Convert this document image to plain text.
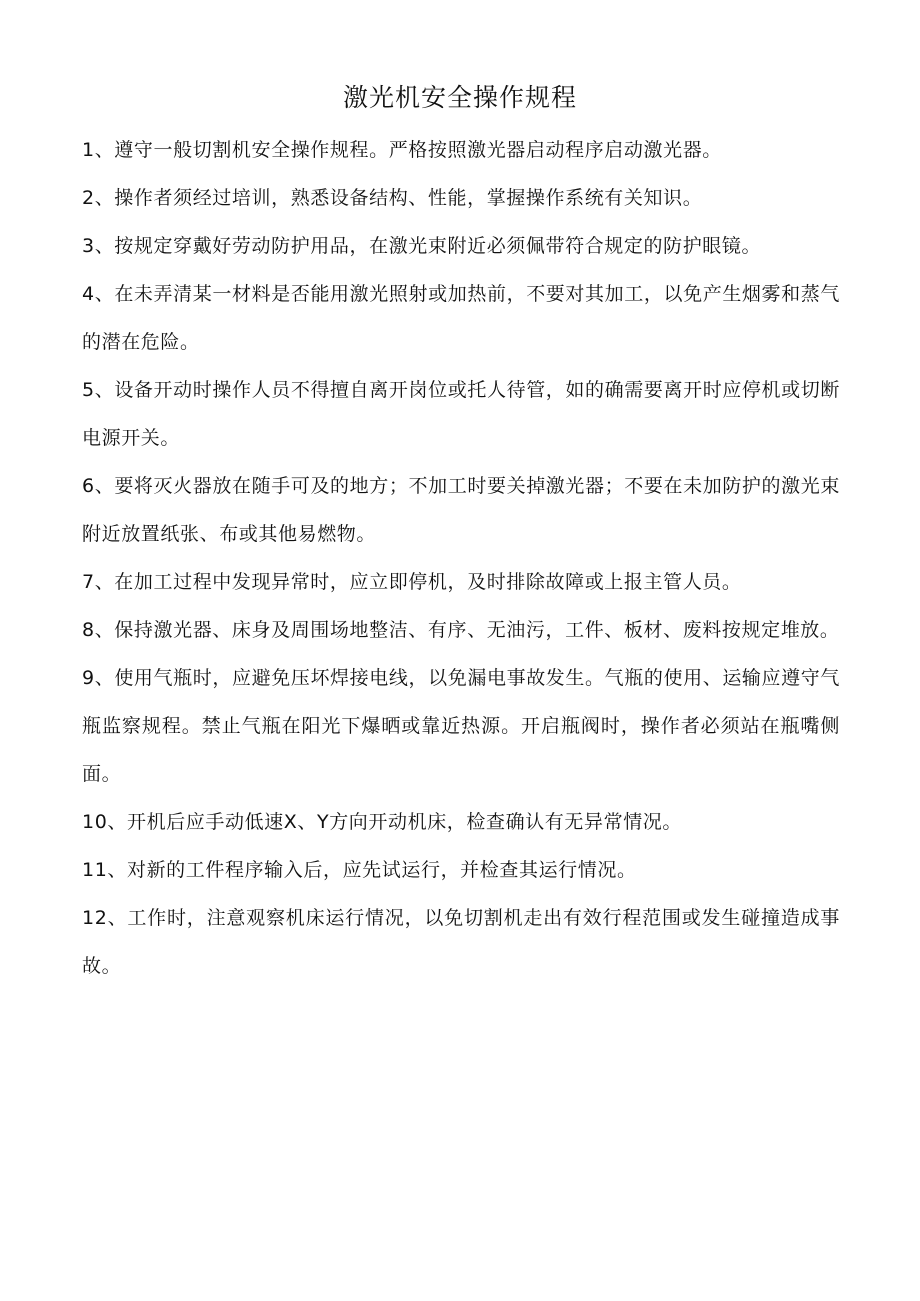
激光机安全操作规程

1、遵守一般切割机安全操作规程。严格按照激光器启动程序启动激光器。

2、操作者须经过培训，熟悉设备结构、性能，掌握操作系统有关知识。

3、按规定穿戴好劳动防护用品，在激光束附近必须佩带符合规定的防护眼镜。

4、在未弄清某一材料是否能用激光照射或加热前，不要对其加工，以免产生烟雾和蒸气的潜在危险。

5、设备开动时操作人员不得擅自离开岗位或托人待管，如的确需要离开时应停机或切断电源开关。

6、要将灭火器放在随手可及的地方；不加工时要关掉激光器；不要在未加防护的激光束附近放置纸张、布或其他易燃物。

7、在加工过程中发现异常时，应立即停机，及时排除故障或上报主管人员。

8、保持激光器、床身及周围场地整洁、有序、无油污，工件、板材、废料按规定堆放。

9、使用气瓶时，应避免压坏焊接电线，以免漏电事故发生。气瓶的使用、运输应遵守气瓶监察规程。禁止气瓶在阳光下爆晒或靠近热源。开启瓶阀时，操作者必须站在瓶嘴侧面。

10、开机后应手动低速X、Y方向开动机床，检查确认有无异常情况。

11、对新的工件程序输入后，应先试运行，并检查其运行情况。

12、工作时，注意观察机床运行情况，以免切割机走出有效行程范围或发生碰撞造成事故。
